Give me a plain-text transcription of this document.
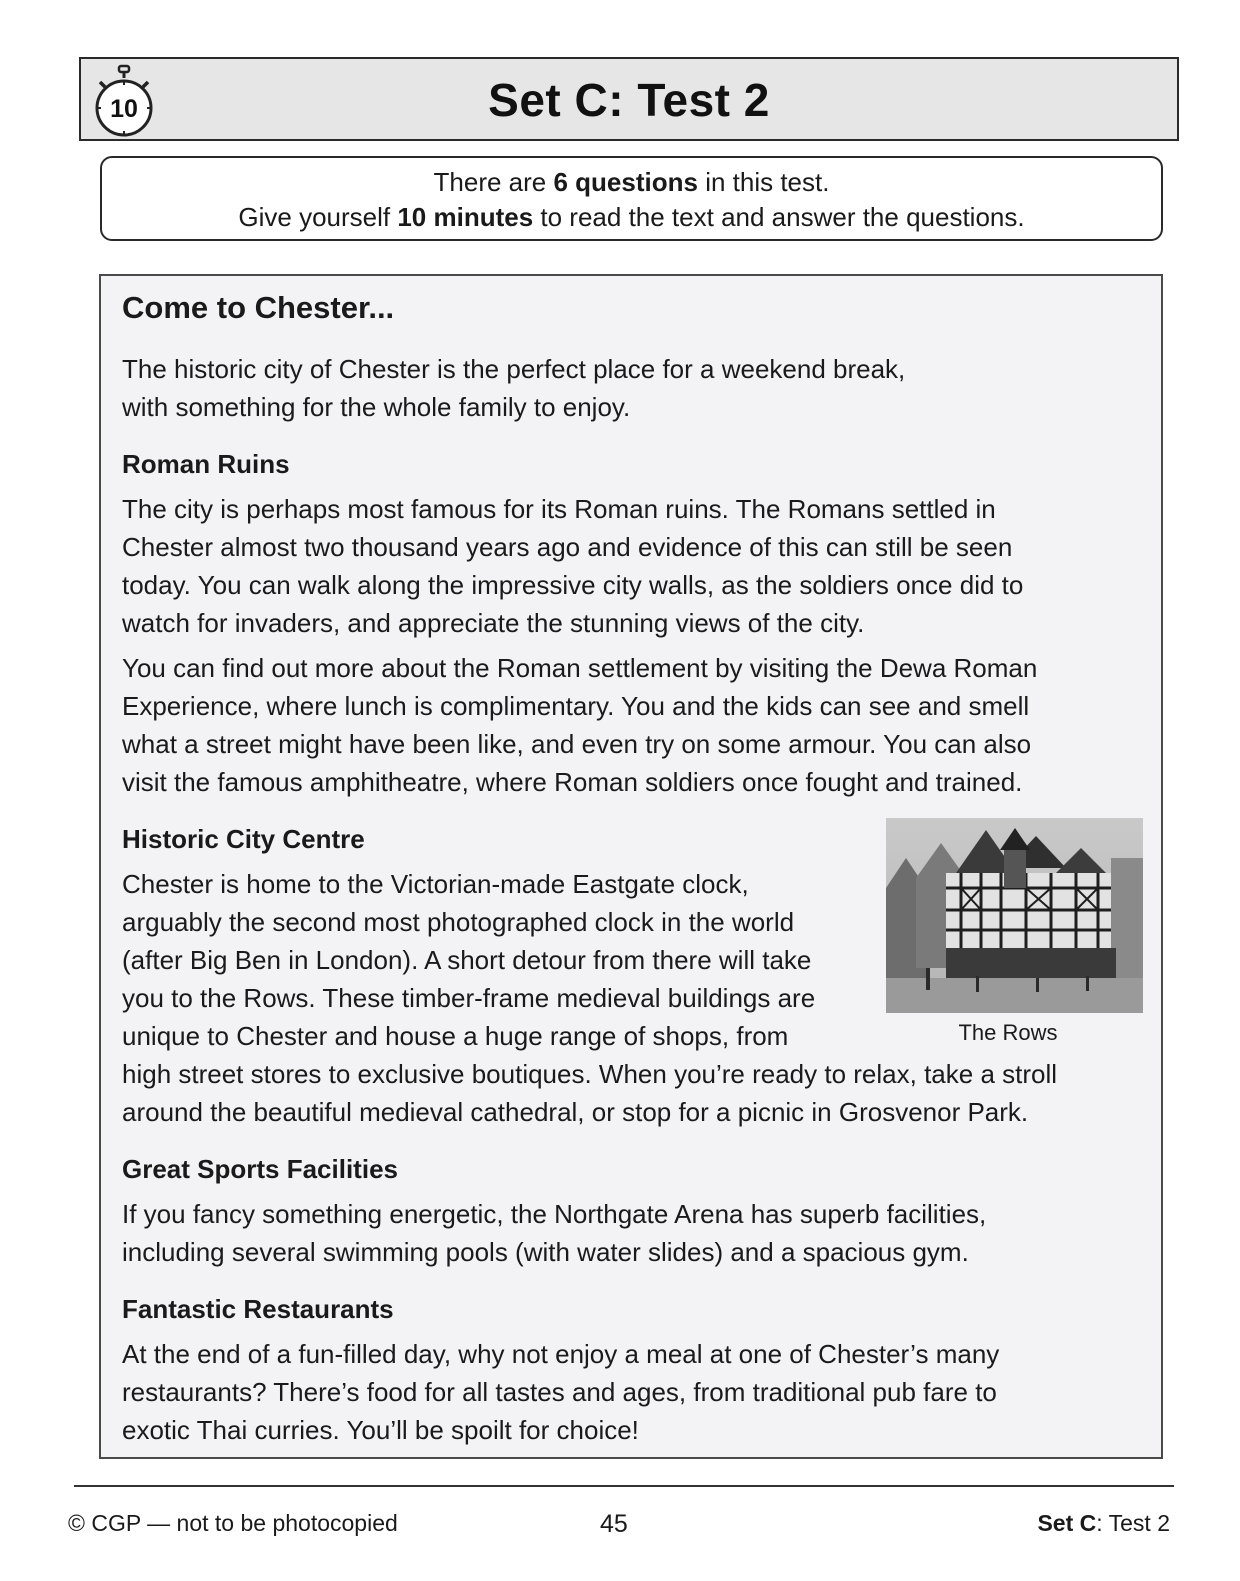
10	Set C: Test 2
There are 6 questions in this test.
Give yourself 10 minutes to read the text and answer the questions.
Come to Chester...

The historic city of Chester is the perfect place for a weekend break,
with something for the whole family to enjoy.

Roman Ruins

The city is perhaps most famous for its Roman ruins. The Romans settled in
Chester almost two thousand years ago and evidence of this can still be seen
today. You can walk along the impressive city walls, as the soldiers once did to
watch for invaders, and appreciate the stunning views of the city.

You can find out more about the Roman settlement by visiting the Dewa Roman
Experience, where lunch is complimentary. You and the kids can see and smell
what a street might have been like, and even try on some armour. You can also
visit the famous amphitheatre, where Roman soldiers once fought and trained.

Historic City Centre

Chester is home to the Victorian-made Eastgate clock,
arguably the second most photographed clock in the world
(after Big Ben in London). A short detour from there will take
you to the Rows. These timber-frame medieval buildings are
unique to Chester and house a huge range of shops, from
high street stores to exclusive boutiques. When you’re ready to relax, take a stroll
around the beautiful medieval cathedral, or stop for a picnic in Grosvenor Park.

The Rows
Great Sports Facilities

If you fancy something energetic, the Northgate Arena has superb facilities,
including several swimming pools (with water slides) and a spacious gym.

Fantastic Restaurants

At the end of a fun-filled day, why not enjoy a meal at one of Chester’s many
restaurants? There’s food for all tastes and ages, from traditional pub fare to
exotic Thai curries. You’ll be spoilt for choice!

© CGP — not to be photocopied	45	Set C: Test 2
